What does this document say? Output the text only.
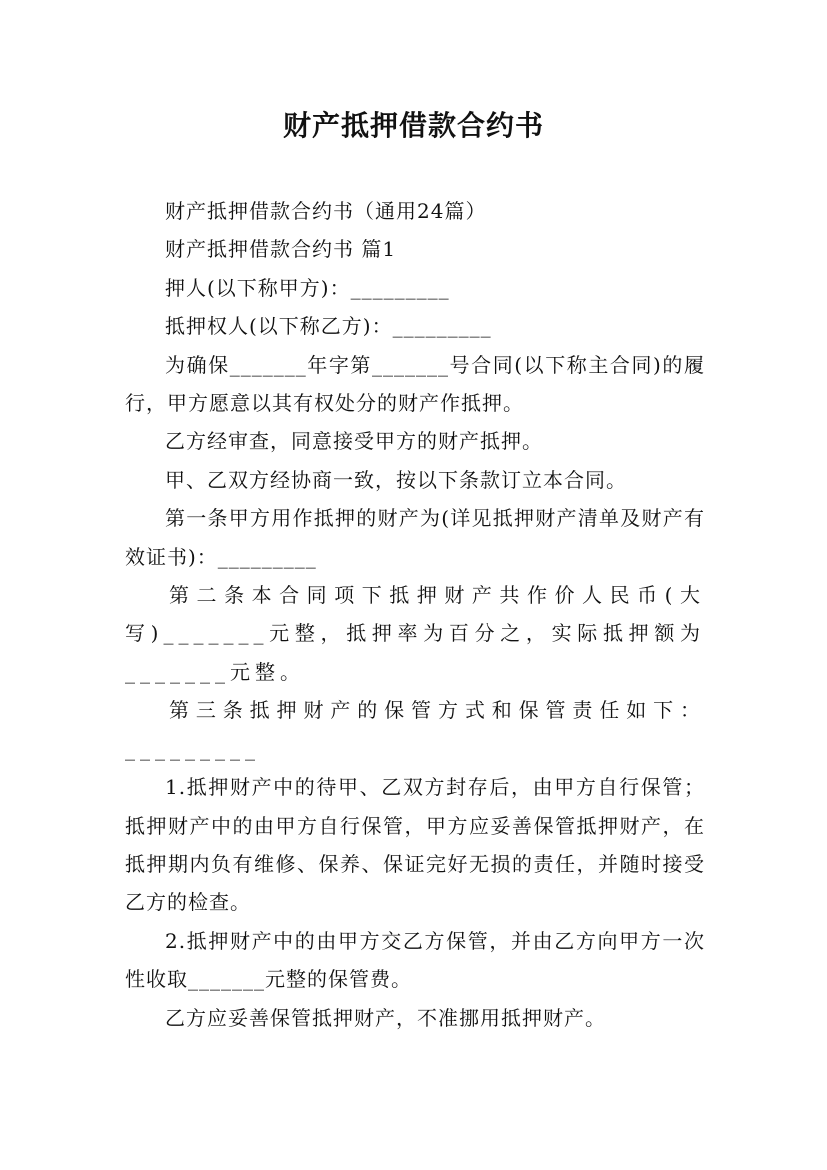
财产抵押借款合约书

财产抵押借款合约书（通用24篇）

财产抵押借款合约书 篇1

押人(以下称甲方)：_________

抵押权人(以下称乙方)：_________

为确保_______年字第_______号合同(以下称主合同)的履行，甲方愿意以其有权处分的财产作抵押。

乙方经审查，同意接受甲方的财产抵押。

甲、乙双方经协商一致，按以下条款订立本合同。

第一条甲方用作抵押的财产为(详见抵押财产清单及财产有效证书)：_________

第二条本合同项下抵押财产共作价人民币(大写)_______元整，抵押率为百分之，实际抵押额为_______元整。

第三条抵押财产的保管方式和保管责任如下：_________

1.抵押财产中的待甲、乙双方封存后，由甲方自行保管；抵押财产中的由甲方自行保管，甲方应妥善保管抵押财产，在抵押期内负有维修、保养、保证完好无损的责任，并随时接受乙方的检查。

2.抵押财产中的由甲方交乙方保管，并由乙方向甲方一次性收取_______元整的保管费。

乙方应妥善保管抵押财产，不准挪用抵押财产。
